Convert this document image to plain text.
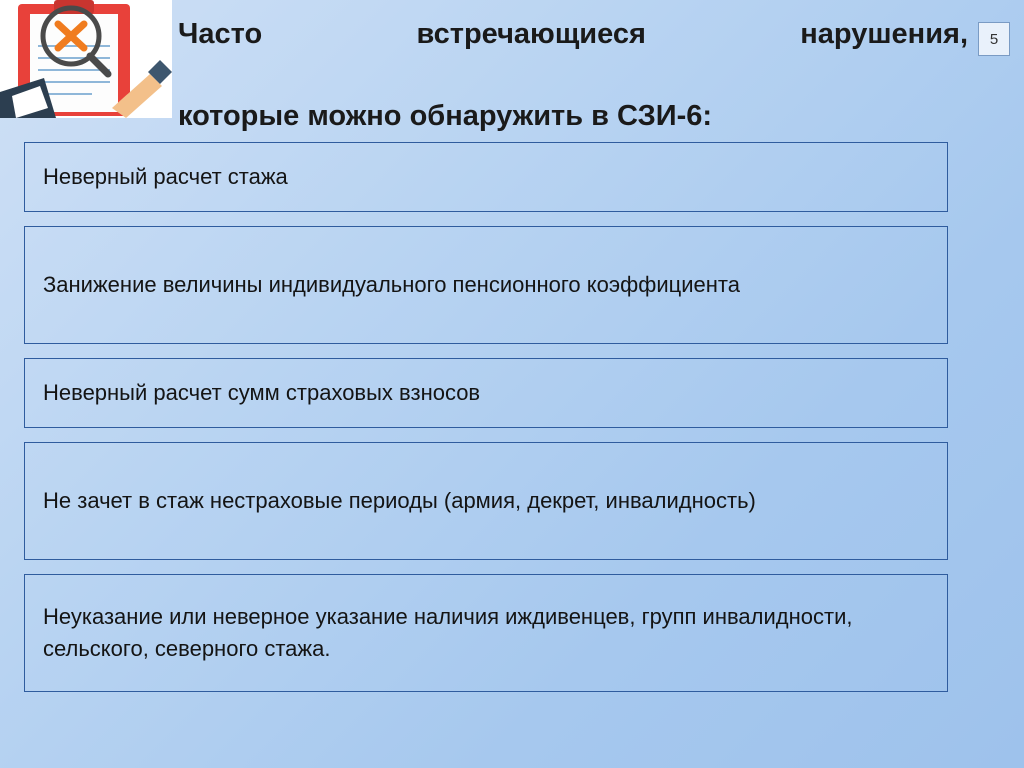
Часто встречающиеся нарушения,
которые можно обнаружить в СЗИ-6:
5
Неверный расчет стажа
Занижение величины индивидуального пенсионного коэффициента
Неверный расчет сумм страховых взносов
Не зачет в стаж нестраховые периоды (армия, декрет, инвалидность)
Неуказание или неверное указание наличия иждивенцев, групп инвалидности, сельского, северного стажа.
